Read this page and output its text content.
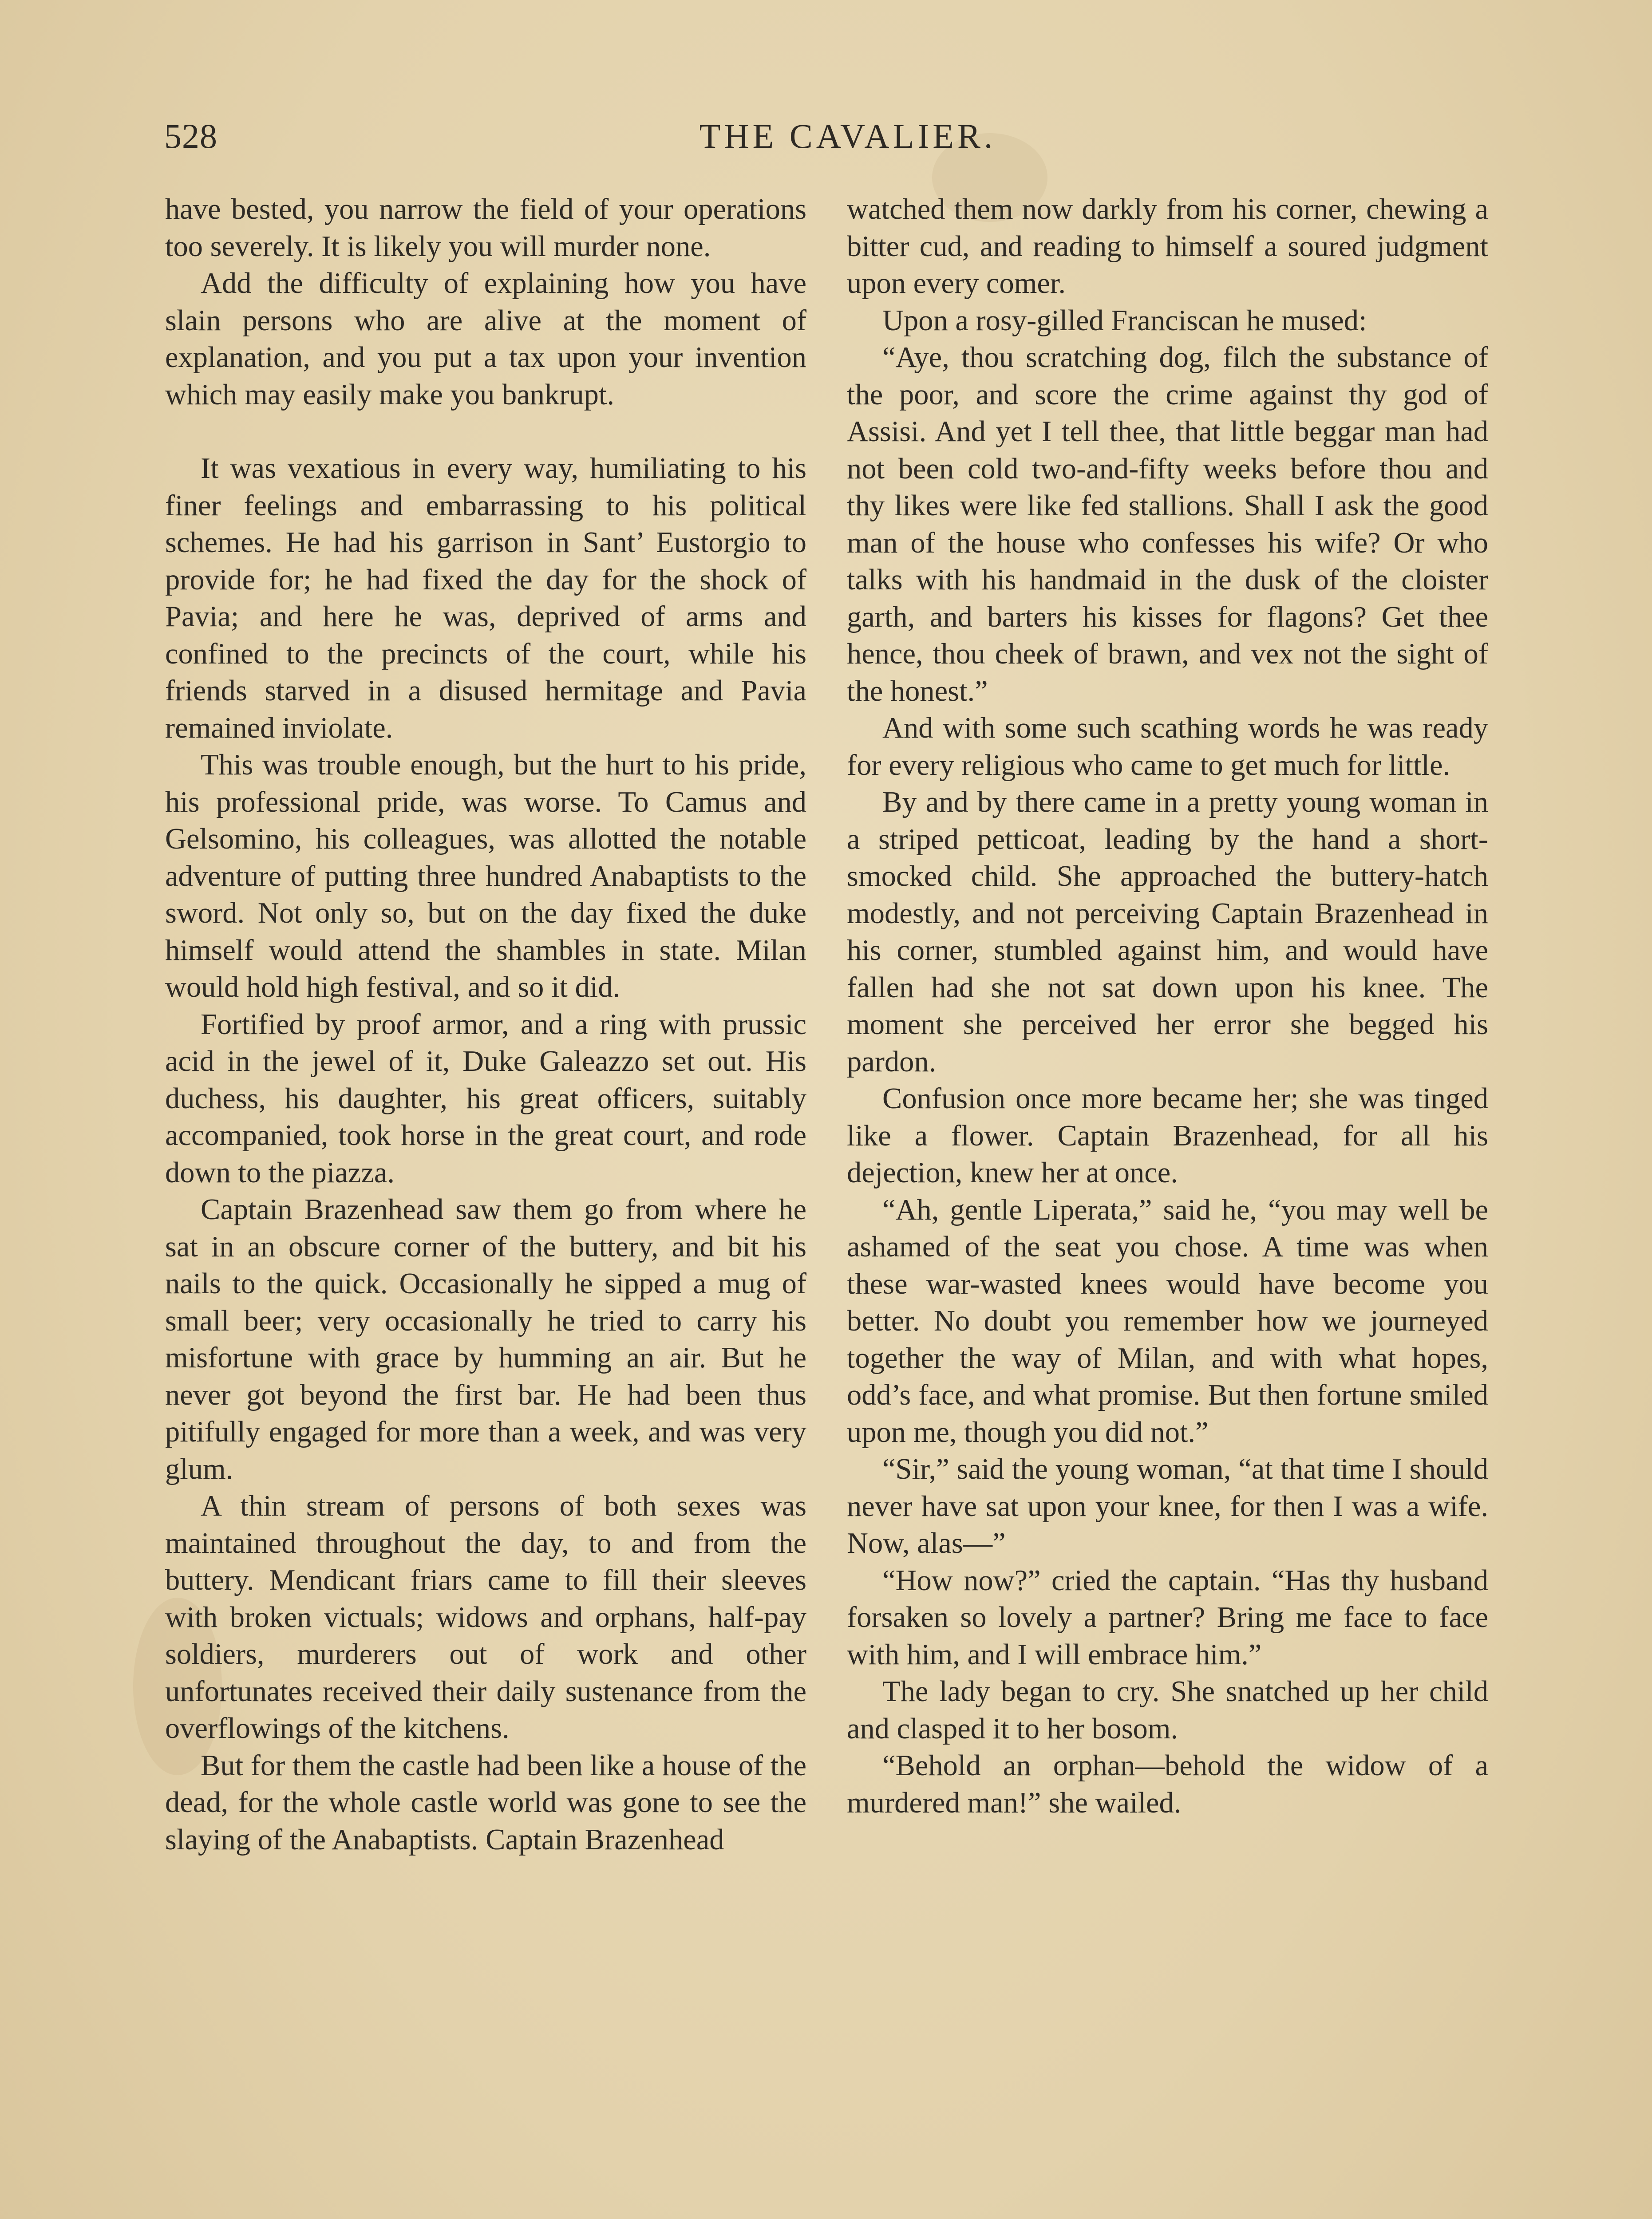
528	THE CAVALIER.

have bested, you narrow the field of your operations too severely. It is likely you will murder none.

Add the difficulty of explaining how you have slain persons who are alive at the moment of explanation, and you put a tax upon your invention which may easily make you bankrupt.

It was vexatious in every way, humiliating to his finer feelings and embarrassing to his political schemes. He had his garrison in Sant’ Eustorgio to provide for; he had fixed the day for the shock of Pavia; and here he was, deprived of arms and confined to the precincts of the court, while his friends starved in a disused hermitage and Pavia remained inviolate.

This was trouble enough, but the hurt to his pride, his professional pride, was worse. To Camus and Gelsomino, his colleagues, was allotted the notable adventure of putting three hundred Anabaptists to the sword. Not only so, but on the day fixed the duke himself would attend the shambles in state. Milan would hold high festival, and so it did.

Fortified by proof armor, and a ring with prussic acid in the jewel of it, Duke Galeazzo set out. His duchess, his daughter, his great officers, suitably accompanied, took horse in the great court, and rode down to the piazza.

Captain Brazenhead saw them go from where he sat in an obscure corner of the buttery, and bit his nails to the quick. Occasionally he sipped a mug of small beer; very occasionally he tried to carry his misfortune with grace by humming an air. But he never got beyond the first bar. He had been thus pitifully engaged for more than a week, and was very glum.

A thin stream of persons of both sexes was maintained throughout the day, to and from the buttery. Mendicant friars came to fill their sleeves with broken victuals; widows and orphans, half-pay soldiers, murderers out of work and other unfortunates received their daily sustenance from the overflowings of the kitchens.

But for them the castle had been like a house of the dead, for the whole castle world was gone to see the slaying of the Anabaptists. Captain Brazenhead

watched them now darkly from his corner, chewing a bitter cud, and reading to himself a soured judgment upon every comer.

Upon a rosy-gilled Franciscan he mused:

“Aye, thou scratching dog, filch the substance of the poor, and score the crime against thy god of Assisi. And yet I tell thee, that little beggar man had not been cold two-and-fifty weeks before thou and thy likes were like fed stallions. Shall I ask the good man of the house who confesses his wife? Or who talks with his handmaid in the dusk of the cloister garth, and barters his kisses for flagons? Get thee hence, thou cheek of brawn, and vex not the sight of the honest.”

And with some such scathing words he was ready for every religious who came to get much for little.

By and by there came in a pretty young woman in a striped petticoat, leading by the hand a short-smocked child. She approached the buttery-hatch modestly, and not perceiving Captain Brazenhead in his corner, stumbled against him, and would have fallen had she not sat down upon his knee. The moment she perceived her error she begged his pardon.

Confusion once more became her; she was tinged like a flower. Captain Brazenhead, for all his dejection, knew her at once.

“Ah, gentle Liperata,” said he, “you may well be ashamed of the seat you chose. A time was when these war-wasted knees would have become you better. No doubt you remember how we journeyed together the way of Milan, and with what hopes, odd’s face, and what promise. But then fortune smiled upon me, though you did not.”

“Sir,” said the young woman, “at that time I should never have sat upon your knee, for then I was a wife. Now, alas—”

“How now?” cried the captain. “Has thy husband forsaken so lovely a partner? Bring me face to face with him, and I will embrace him.”

The lady began to cry. She snatched up her child and clasped it to her bosom.

“Behold an orphan—behold the widow of a murdered man!” she wailed.
